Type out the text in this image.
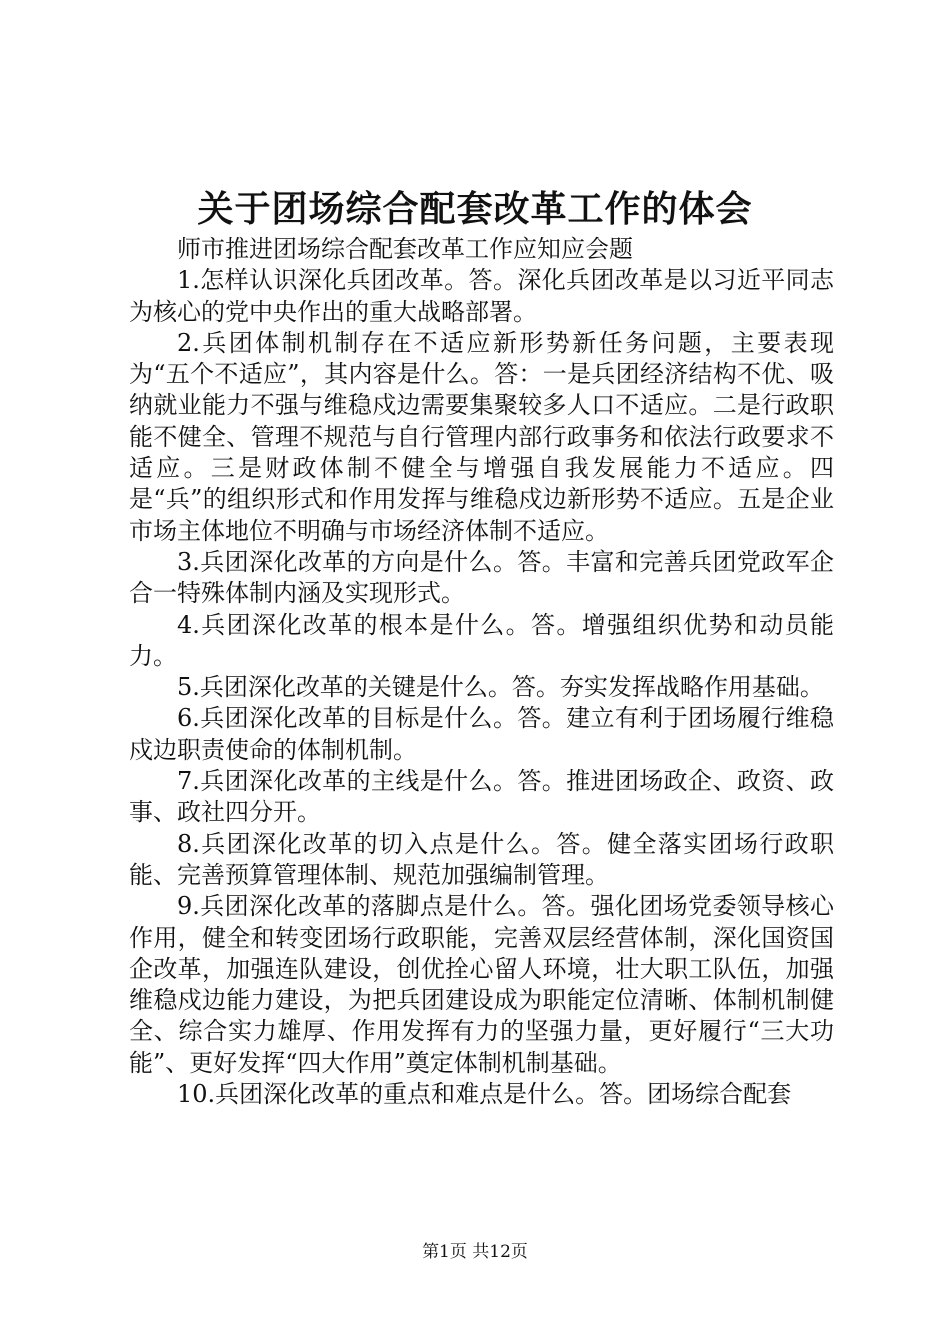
关于团场综合配套改革工作的体会

师市推进团场综合配套改革工作应知应会题

1.怎样认识深化兵团改革。答。深化兵团改革是以习近平同志为核心的党中央作出的重大战略部署。

2.兵团体制机制存在不适应新形势新任务问题，主要表现为“五个不适应”，其内容是什么。答：一是兵团经济结构不优、吸纳就业能力不强与维稳戍边需要集聚较多人口不适应。二是行政职能不健全、管理不规范与自行管理内部行政事务和依法行政要求不适应。三是财政体制不健全与增强自我发展能力不适应。四是“兵”的组织形式和作用发挥与维稳戍边新形势不适应。五是企业市场主体地位不明确与市场经济体制不适应。

3.兵团深化改革的方向是什么。答。丰富和完善兵团党政军企合一特殊体制内涵及实现形式。

4.兵团深化改革的根本是什么。答。增强组织优势和动员能力。

5.兵团深化改革的关键是什么。答。夯实发挥战略作用基础。

6.兵团深化改革的目标是什么。答。建立有利于团场履行维稳戍边职责使命的体制机制。

7.兵团深化改革的主线是什么。答。推进团场政企、政资、政事、政社四分开。

8.兵团深化改革的切入点是什么。答。健全落实团场行政职能、完善预算管理体制、规范加强编制管理。

9.兵团深化改革的落脚点是什么。答。强化团场党委领导核心作用，健全和转变团场行政职能，完善双层经营体制，深化国资国企改革，加强连队建设，创优拴心留人环境，壮大职工队伍，加强维稳戍边能力建设，为把兵团建设成为职能定位清晰、体制机制健全、综合实力雄厚、作用发挥有力的坚强力量，更好履行“三大功能”、更好发挥“四大作用”奠定体制机制基础。

10.兵团深化改革的重点和难点是什么。答。团场综合配套

第1页 共12页
